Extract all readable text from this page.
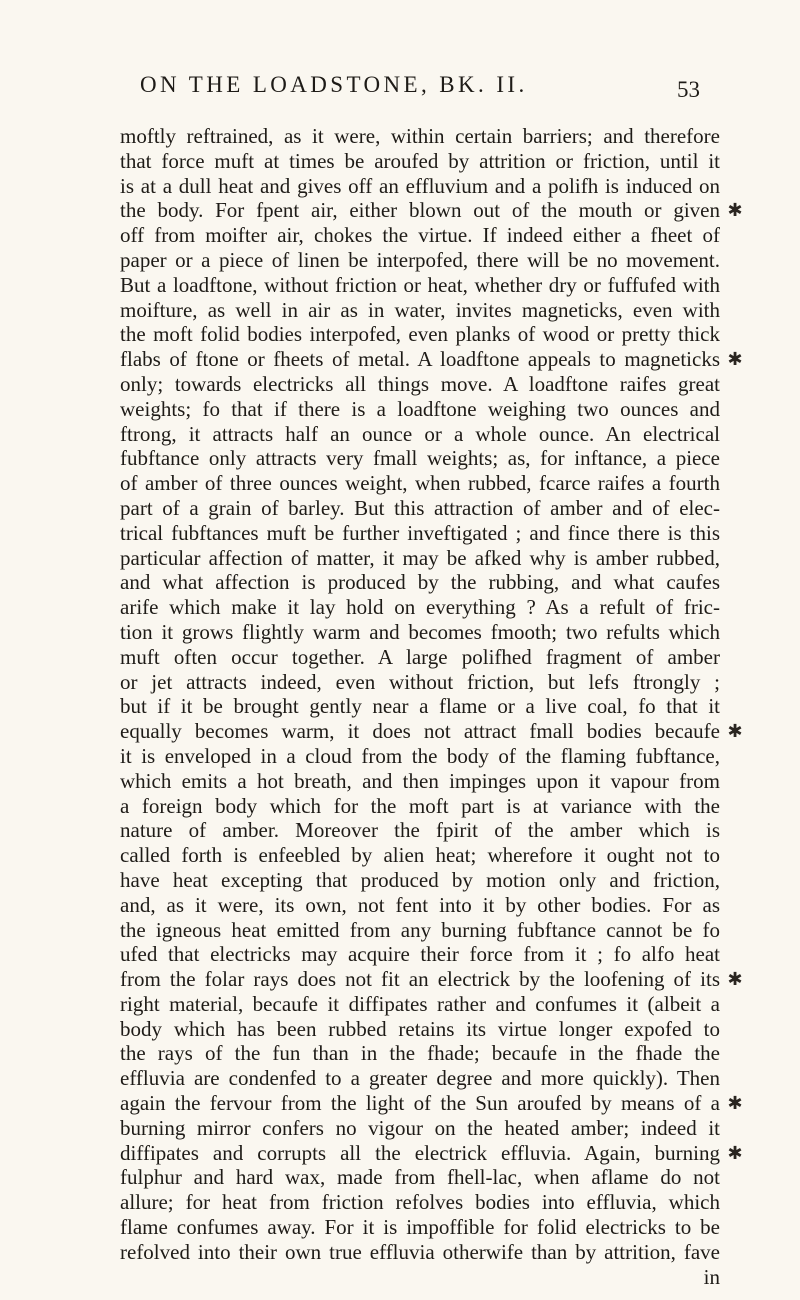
ON THE LOADSTONE, BK. II.	53
moftly reftrained, as it were, within certain barriers; and therefore
that force muft at times be aroufed by attrition or friction, until it
is at a dull heat and gives off an effluvium and a polifh is induced on
the body. For fpent air, either blown out of the mouth or given
off from moifter air, chokes the virtue. If indeed either a fheet of
paper or a piece of linen be interpofed, there will be no movement.
But a loadftone, without friction or heat, whether dry or fuffufed with
moifture, as well in air as in water, invites magneticks, even with
the moft folid bodies interpofed, even planks of wood or pretty thick
flabs of ftone or fheets of metal. A loadftone appeals to magneticks
only; towards electricks all things move. A loadftone raifes great
weights; fo that if there is a loadftone weighing two ounces and
ftrong, it attracts half an ounce or a whole ounce. An electrical
fubftance only attracts very fmall weights; as, for inftance, a piece
of amber of three ounces weight, when rubbed, fcarce raifes a fourth
part of a grain of barley. But this attraction of amber and of elec-
trical fubftances muft be further inveftigated ; and fince there is this
particular affection of matter, it may be afked why is amber rubbed,
and what affection is produced by the rubbing, and what caufes
arife which make it lay hold on everything ? As a refult of fric-
tion it grows flightly warm and becomes fmooth; two refults which
muft often occur together. A large polifhed fragment of amber
or jet attracts indeed, even without friction, but lefs ftrongly ;
but if it be brought gently near a flame or a live coal, fo that it
equally becomes warm, it does not attract fmall bodies becaufe
it is enveloped in a cloud from the body of the flaming fubftance,
which emits a hot breath, and then impinges upon it vapour from
a foreign body which for the moft part is at variance with the
nature of amber. Moreover the fpirit of the amber which is
called forth is enfeebled by alien heat; wherefore it ought not to
have heat excepting that produced by motion only and friction,
and, as it were, its own, not fent into it by other bodies. For as
the igneous heat emitted from any burning fubftance cannot be fo
ufed that electricks may acquire their force from it ; fo alfo heat
from the folar rays does not fit an electrick by the loofening of its
right material, becaufe it diffipates rather and confumes it (albeit a
body which has been rubbed retains its virtue longer expofed to
the rays of the fun than in the fhade; becaufe in the fhade the
effluvia are condenfed to a greater degree and more quickly). Then
again the fervour from the light of the Sun aroufed by means of a
burning mirror confers no vigour on the heated amber; indeed it
diffipates and corrupts all the electrick effluvia. Again, burning
fulphur and hard wax, made from fhell-lac, when aflame do not
allure; for heat from friction refolves bodies into effluvia, which
flame confumes away. For it is impoffible for folid electricks to be
refolved into their own true effluvia otherwife than by attrition, fave
in
✱
✱
✱
✱
✱
✱
